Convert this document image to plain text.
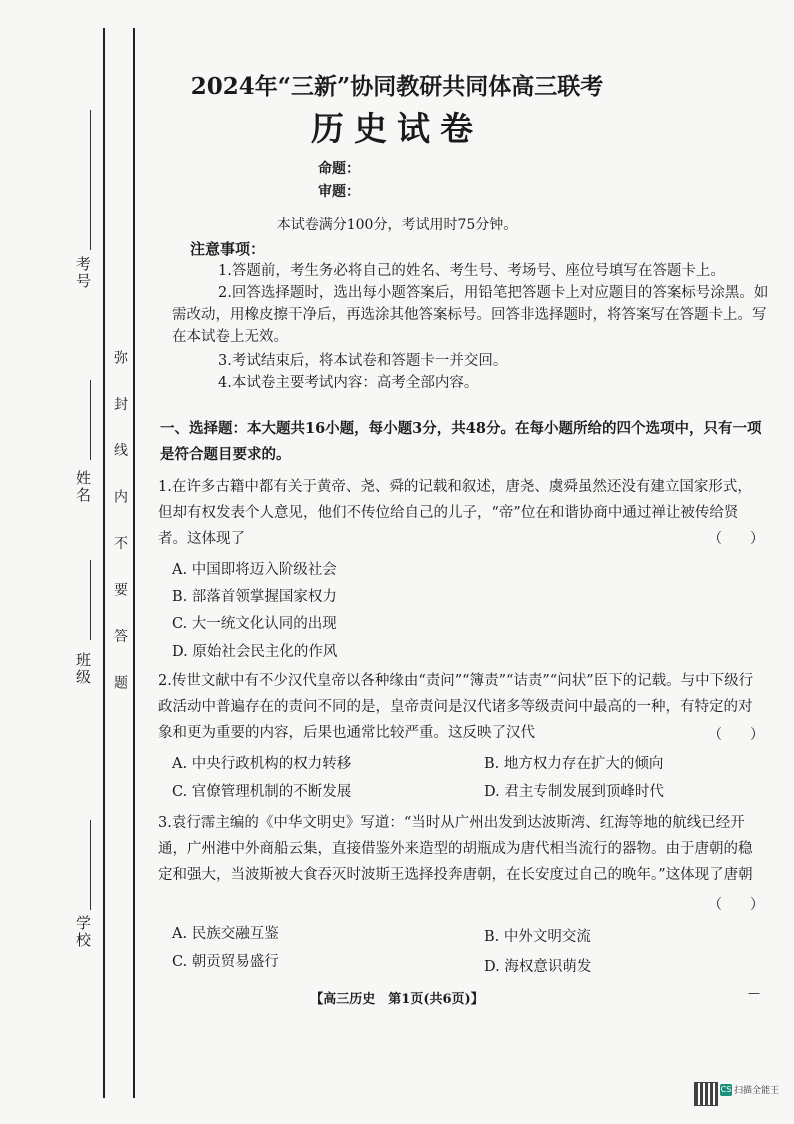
考号
姓名
班级
学校
弥 封 线 内 不 要 答 题
2024年“三新”协同教研共同体高三联考
历史试卷
命题：
审题：
本试卷满分100分，考试用时75分钟。
注意事项：
1.答题前，考生务必将自己的姓名、考生号、考场号、座位号填写在答题卡上。
2.回答选择题时，选出每小题答案后，用铅笔把答题卡上对应题目的答案标号涂黑。如需改动，用橡皮擦干净后，再选涂其他答案标号。回答非选择题时，将答案写在答题卡上。写在本试卷上无效。
3.考试结束后，将本试卷和答题卡一并交回。
4.本试卷主要考试内容：高考全部内容。
一、选择题：本大题共16小题，每小题3分，共48分。在每小题所给的四个选项中，只有一项是符合题目要求的。
1.在许多古籍中都有关于黄帝、尧、舜的记载和叙述，唐尧、虞舜虽然还没有建立国家形式，但却有权发表个人意见，他们不传位给自己的儿子，“帝”位在和谐协商中通过禅让被传给贤者。这体现了	（　　）
A. 中国即将迈入阶级社会
B. 部落首领掌握国家权力
C. 大一统文化认同的出现
D. 原始社会民主化的作风
2.传世文献中有不少汉代皇帝以各种缘由“责问”“簿责”“诘责”“问状”臣下的记载。与中下级行政活动中普遍存在的责问不同的是，皇帝责问是汉代诸多等级责问中最高的一种，有特定的对象和更为重要的内容，后果也通常比较严重。这反映了汉代	（　　）
A. 中央行政机构的权力转移	B. 地方权力存在扩大的倾向
C. 官僚管理机制的不断发展	D. 君主专制发展到顶峰时代
3.袁行霈主编的《中华文明史》写道：“当时从广州出发到达波斯湾、红海等地的航线已经开通，广州港中外商船云集，直接借鉴外来造型的胡瓶成为唐代相当流行的器物。由于唐朝的稳定和强大，当波斯被大食吞灭时波斯王选择投奔唐朝，在长安度过自己的晚年。”这体现了唐朝
（　　）
A. 民族交融互鉴	B. 中外文明交流
C. 朝贡贸易盛行	D. 海权意识萌发
【高三历史　第1页(共6页)】	—
CS 扫描全能王
